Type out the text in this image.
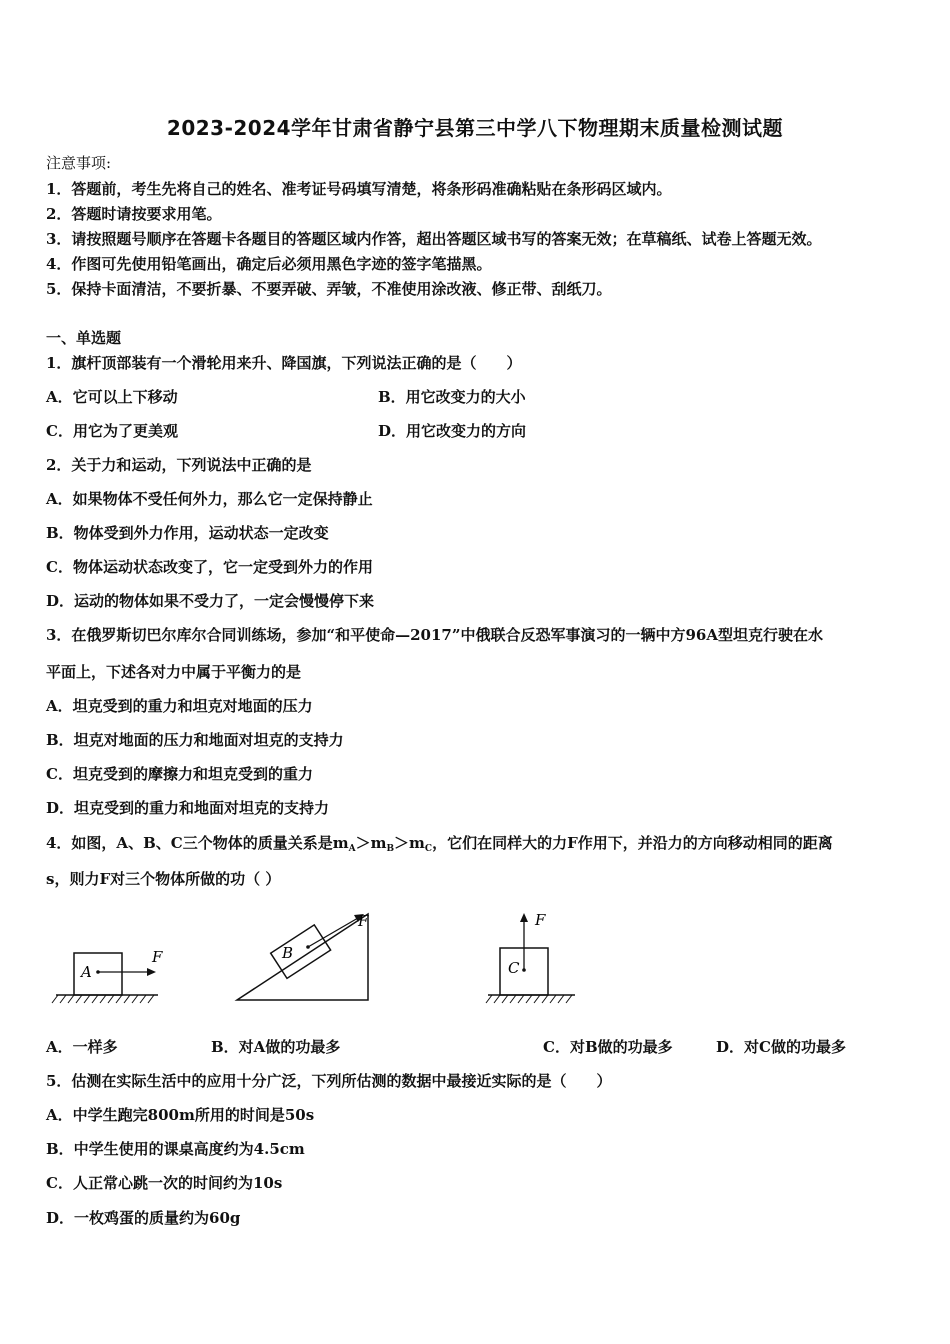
2023-2024学年甘肃省静宁县第三中学八下物理期末质量检测试题
注意事项:
1．答题前，考生先将自己的姓名、准考证号码填写清楚，将条形码准确粘贴在条形码区域内。
2．答题时请按要求用笔。
3．请按照题号顺序在答题卡各题目的答题区域内作答，超出答题区域书写的答案无效；在草稿纸、试卷上答题无效。
4．作图可先使用铅笔画出，确定后必须用黑色字迹的签字笔描黑。
5．保持卡面清洁，不要折暴、不要弄破、弄皱，不准使用涂改液、修正带、刮纸刀。
一、单选题
1．旗杆顶部装有一个滑轮用来升、降国旗，下列说法正确的是（　　）
A．它可以上下移动	B．用它改变力的大小
C．用它为了更美观	D．用它改变力的方向
2．关于力和运动，下列说法中正确的是
A．如果物体不受任何外力，那么它一定保持静止
B．物体受到外力作用，运动状态一定改变
C．物体运动状态改变了，它一定受到外力的作用
D．运动的物体如果不受力了，一定会慢慢停下来
3．在俄罗斯切巴尔库尔合同训练场，参加“和平使命—2017”中俄联合反恐军事演习的一辆中方96A型坦克行驶在水
平面上，下述各对力中属于平衡力的是
A．坦克受到的重力和坦克对地面的压力
B．坦克对地面的压力和地面对坦克的支持力
C．坦克受到的摩擦力和坦克受到的重力
D．坦克受到的重力和地面对坦克的支持力
4．如图，A、B、C三个物体的质量关系是$m_A>m_B>m_C$，它们在同样大的力F作用下，并沿力的方向移动相同的距离
s，则力F对三个物体所做的功（ ）
A
F	B
F
C
F
A．一样多	B．对A做的功最多	C．对B做的功最多	D．对C做的功最多
5．估测在实际生活中的应用十分广泛，下列所估测的数据中最接近实际的是（　　）
A．中学生跑完800m所用的时间是50s
B．中学生使用的课桌高度约为4.5cm
C．人正常心跳一次的时间约为10s
D．一枚鸡蛋的质量约为60g
